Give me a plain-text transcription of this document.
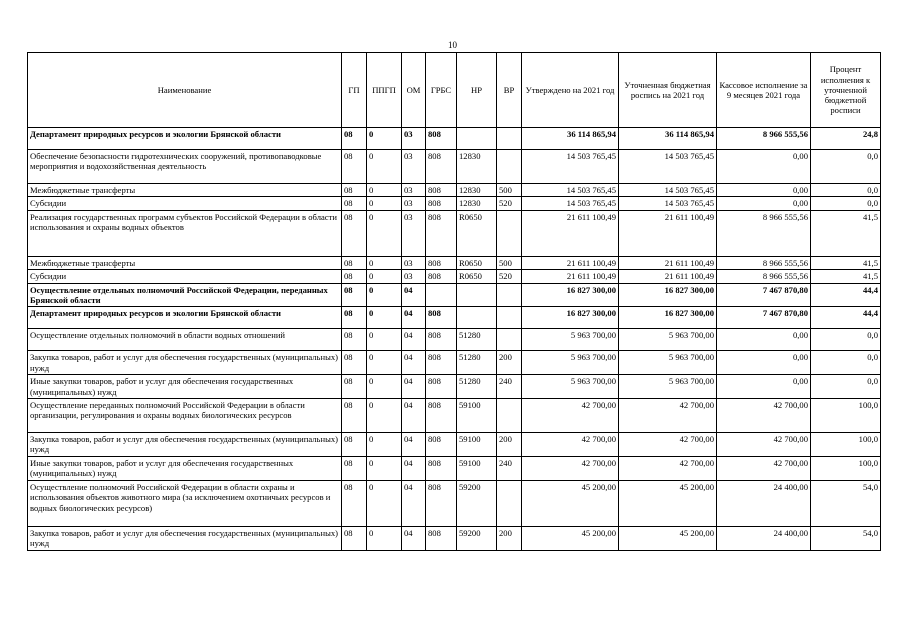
10
Наименование	ГП	ППГП	ОМ	ГРБС	НР	ВР	Утверждено на 2021 год	Уточненная бюджетная роспись на 2021 год	Кассовое исполнение за 9 месяцев 2021 года	Процент исполнения к уточненной бюджетной росписи
Департамент природных ресурсов и экологии Брянской области	08	0	03	808			36 114 865,94	36 114 865,94	8 966 555,56	24,8
Обеспечение безопасности гидротехнических сооружений, противопаводковые мероприятия и водохозяйственная деятельность	08	0	03	808	12830		14 503 765,45	14 503 765,45	0,00	0,0
Межбюджетные трансферты	08	0	03	808	12830	500	14 503 765,45	14 503 765,45	0,00	0,0
Субсидии	08	0	03	808	12830	520	14 503 765,45	14 503 765,45	0,00	0,0
Реализация государственных программ субъектов Российской Федерации в области использования и охраны водных объектов	08	0	03	808	R0650		21 611 100,49	21 611 100,49	8 966 555,56	41,5
Межбюджетные трансферты	08	0	03	808	R0650	500	21 611 100,49	21 611 100,49	8 966 555,56	41,5
Субсидии	08	0	03	808	R0650	520	21 611 100,49	21 611 100,49	8 966 555,56	41,5
Осуществление отдельных полномочий Российской Федерации, переданных Брянской области	08	0	04				16 827 300,00	16 827 300,00	7 467 870,80	44,4
Департамент природных ресурсов и экологии Брянской области	08	0	04	808			16 827 300,00	16 827 300,00	7 467 870,80	44,4
Осуществление отдельных полномочий в области водных отношений	08	0	04	808	51280		5 963 700,00	5 963 700,00	0,00	0,0
Закупка товаров, работ и услуг для обеспечения государственных (муниципальных) нужд	08	0	04	808	51280	200	5 963 700,00	5 963 700,00	0,00	0,0
Иные закупки товаров, работ и услуг для обеспечения государственных (муниципальных) нужд	08	0	04	808	51280	240	5 963 700,00	5 963 700,00	0,00	0,0
Осуществление переданных полномочий Российской Федерации в области организации, регулирования и охраны водных биологических ресурсов	08	0	04	808	59100		42 700,00	42 700,00	42 700,00	100,0
Закупка товаров, работ и услуг для обеспечения государственных (муниципальных) нужд	08	0	04	808	59100	200	42 700,00	42 700,00	42 700,00	100,0
Иные закупки товаров, работ и услуг для обеспечения государственных (муниципальных) нужд	08	0	04	808	59100	240	42 700,00	42 700,00	42 700,00	100,0
Осуществление полномочий Российской Федерации в области охраны и использования объектов животного мира (за исключением охотничьих ресурсов и водных биологических ресурсов)	08	0	04	808	59200		45 200,00	45 200,00	24 400,00	54,0
Закупка товаров, работ и услуг для обеспечения государственных (муниципальных) нужд	08	0	04	808	59200	200	45 200,00	45 200,00	24 400,00	54,0
